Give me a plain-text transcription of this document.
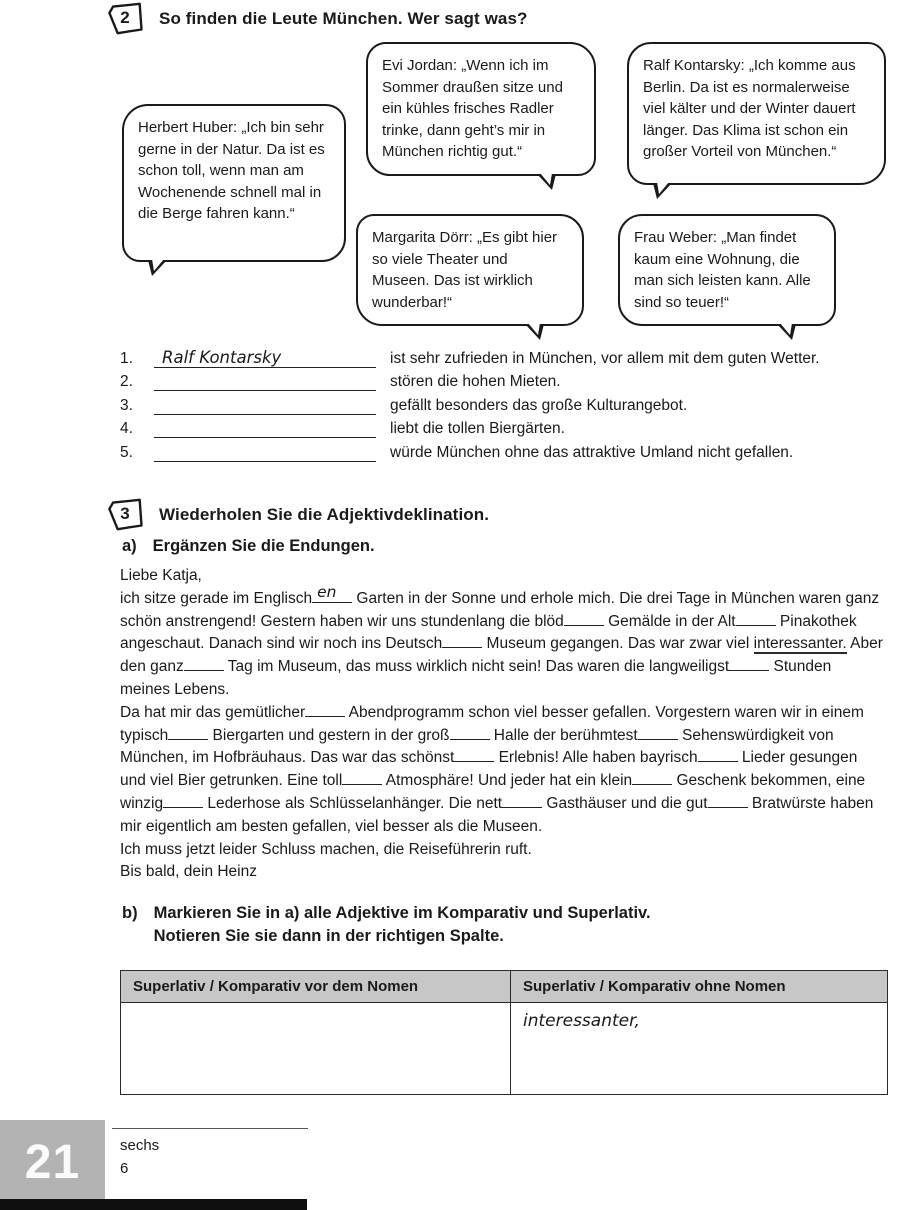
2	So finden die Leute München. Wer sagt was?
Herbert Huber: „Ich bin sehr gerne in der Natur. Da ist es schon toll, wenn man am Wochenende schnell mal in die Berge fahren kann.“
Evi Jordan: „Wenn ich im Sommer draußen sitze und ein kühles frisches Radler trinke, dann geht’s mir in München richtig gut.“
Ralf Kontarsky: „Ich komme aus Berlin. Da ist es normalerweise viel kälter und der Winter dauert länger. Das Klima ist schon ein großer Vorteil von München.“
Margarita Dörr: „Es gibt hier so viele Theater und Museen. Das ist wirklich wunderbar!“
Frau Weber: „Man findet kaum eine Wohnung, die man sich leisten kann. Alle sind so teuer!“
1.	Ralf Kontarsky	ist sehr zufrieden in München, vor allem mit dem guten Wetter.
2.	stören die hohen Mieten.
3.	gefällt besonders das große Kulturangebot.
4.	liebt die tollen Biergärten.
5.	würde München ohne das attraktive Umland nicht gefallen.
3	Wiederholen Sie die Adjektivdeklination.
a) Ergänzen Sie die Endungen.
Liebe Katja,
ich sitze gerade im Englisch en Garten in der Sonne und erhole mich. Die drei Tage in München waren ganz schön anstrengend! Gestern haben wir uns stundenlang die blöd	Gemälde in der Alt	Pinakothek angeschaut. Danach sind wir noch ins Deutsch	Museum gegangen. Das war zwar viel interessanter. Aber den ganz	Tag im Museum, das muss wirklich nicht sein! Das waren die langweiligst	Stunden meines Lebens.
Da hat mir das gemütlicher	Abendprogramm schon viel besser gefallen. Vorgestern waren wir in einem typisch	Biergarten und gestern in der groß	Halle der berühmtest	Sehenswürdigkeit von München, im Hofbräuhaus. Das war das schönst	Erlebnis! Alle haben bayrisch	Lieder gesungen und viel Bier getrunken. Eine toll	Atmosphäre! Und jeder hat ein klein	Geschenk bekommen, eine winzig	Lederhose als Schlüsselanhänger. Die nett	Gasthäuser und die gut	Bratwürste haben mir eigentlich am besten gefallen, viel besser als die Museen.
Ich muss jetzt leider Schluss machen, die Reiseführerin ruft.
Bis bald, dein Heinz
b) Markieren Sie in a) alle Adjektive im Komparativ und Superlativ.
Notieren Sie sie dann in der richtigen Spalte.
Superlativ / Komparativ vor dem Nomen	Superlativ / Komparativ ohne Nomen
	interessanter,
21	sechs
6
